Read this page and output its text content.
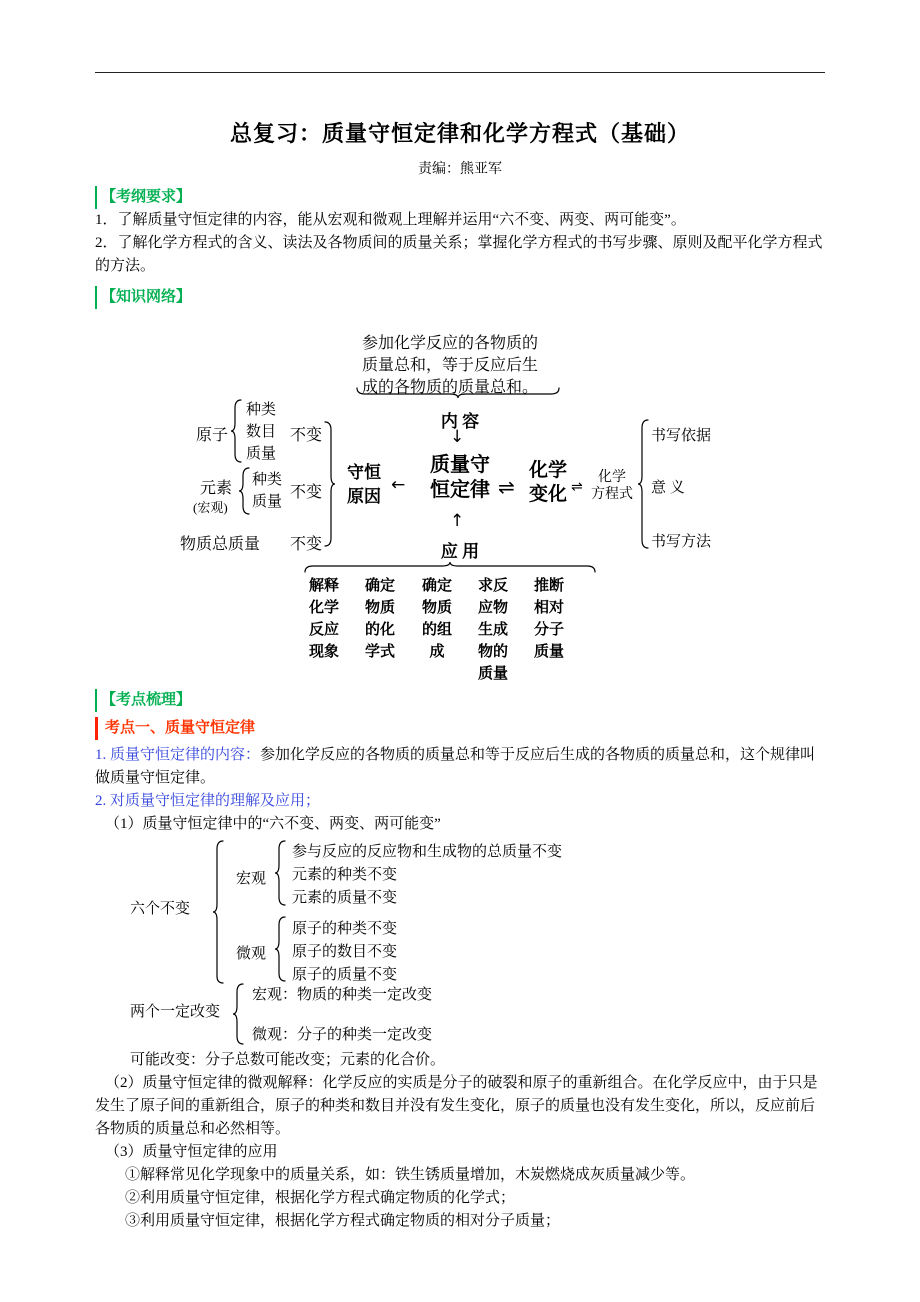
总复习：质量守恒定律和化学方程式（基础）
责编：熊亚军
【考纲要求】
1．了解质量守恒定律的内容，能从宏观和微观上理解并运用“六不变、两变、两可能变”。
2．了解化学方程式的含义、读法及各物质间的质量关系；掌握化学方程式的书写步骤、原则及配平化学方程式的方法。
【知识网络】
参加化学反应的各物质的
质量总和，等于反应后生
成的各物质的质量总和。
内 容
↓
质量守
恒定律
←
守恒
原因
原子
种类
数目
质量
不变
元素
(宏观)
种类
质量
不变
物质总质量 不变
⇌
化学
变化 ⇌
化学
方程式
书写依据
意 义
书写方法
↑
应 用
解释
化学
反应
现象
确定
物质
的化
学式
确定
物质
的组
成
求反
应物
生成
物的
质量
推断
相对
分子
质量
【考点梳理】
考点一、质量守恒定律

1. 质量守恒定律的内容：参加化学反应的各物质的质量总和等于反应后生成的各物质的质量总和，这个规律叫做质量守恒定律。

2. 对质量守恒定律的理解及应用；

（1）质量守恒定律中的“六不变、两变、两可能变”

六个不变
宏观
参与反应的反应物和生成物的总质量不变
元素的种类不变
元素的质量不变
微观
原子的种类不变
原子的数目不变
原子的质量不变
两个一定改变
宏观：物质的种类一定改变
微观：分子的种类一定改变
可能改变：分子总数可能改变；元素的化合价。

（2）质量守恒定律的微观解释：化学反应的实质是分子的破裂和原子的重新组合。在化学反应中，由于只是发生了原子间的重新组合，原子的种类和数目并没有发生变化，原子的质量也没有发生变化，所以，反应前后各物质的质量总和必然相等。

（3）质量守恒定律的应用

①解释常见化学现象中的质量关系，如：铁生锈质量增加，木炭燃烧成灰质量减少等。
②利用质量守恒定律，根据化学方程式确定物质的化学式；
③利用质量守恒定律，根据化学方程式确定物质的相对分子质量；
